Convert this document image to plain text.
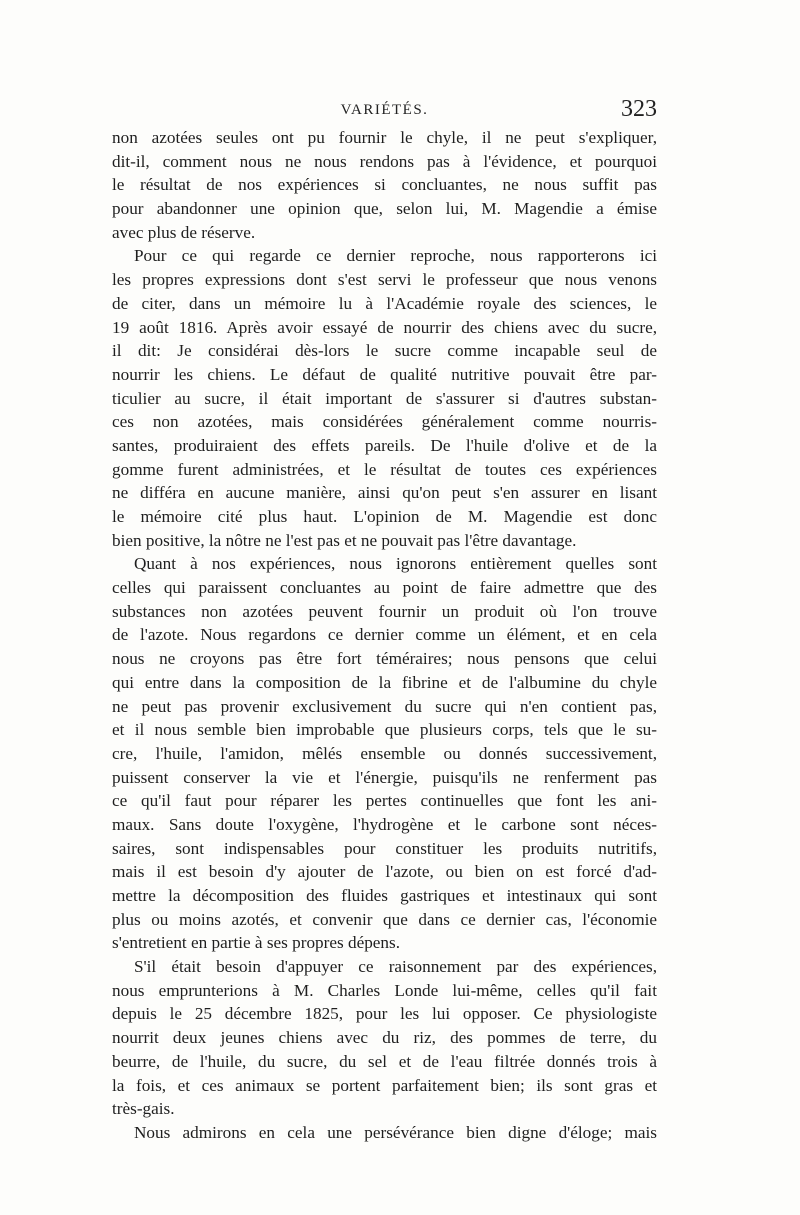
VARIÉTÉS.	323
non azotées seules ont pu fournir le chyle, il ne peut s'expliquer,
dit-il, comment nous ne nous rendons pas à l'évidence, et pourquoi
le résultat de nos expériences si concluantes, ne nous suffit pas
pour abandonner une opinion que, selon lui, M. Magendie a émise
avec plus de réserve.
Pour ce qui regarde ce dernier reproche, nous rapporterons ici
les propres expressions dont s'est servi le professeur que nous venons
de citer, dans un mémoire lu à l'Académie royale des sciences, le
19 août 1816. Après avoir essayé de nourrir des chiens avec du sucre,
il dit: Je considérai dès-lors le sucre comme incapable seul de
nourrir les chiens. Le défaut de qualité nutritive pouvait être par-
ticulier au sucre, il était important de s'assurer si d'autres substan-
ces non azotées, mais considérées généralement comme nourris-
santes, produiraient des effets pareils. De l'huile d'olive et de la
gomme furent administrées, et le résultat de toutes ces expériences
ne différa en aucune manière, ainsi qu'on peut s'en assurer en lisant
le mémoire cité plus haut. L'opinion de M. Magendie est donc
bien positive, la nôtre ne l'est pas et ne pouvait pas l'être davantage.
Quant à nos expériences, nous ignorons entièrement quelles sont
celles qui paraissent concluantes au point de faire admettre que des
substances non azotées peuvent fournir un produit où l'on trouve
de l'azote. Nous regardons ce dernier comme un élément, et en cela
nous ne croyons pas être fort téméraires; nous pensons que celui
qui entre dans la composition de la fibrine et de l'albumine du chyle
ne peut pas provenir exclusivement du sucre qui n'en contient pas,
et il nous semble bien improbable que plusieurs corps, tels que le su-
cre, l'huile, l'amidon, mêlés ensemble ou donnés successivement,
puissent conserver la vie et l'énergie, puisqu'ils ne renferment pas
ce qu'il faut pour réparer les pertes continuelles que font les ani-
maux. Sans doute l'oxygène, l'hydrogène et le carbone sont néces-
saires, sont indispensables pour constituer les produits nutritifs,
mais il est besoin d'y ajouter de l'azote, ou bien on est forcé d'ad-
mettre la décomposition des fluides gastriques et intestinaux qui sont
plus ou moins azotés, et convenir que dans ce dernier cas, l'économie
s'entretient en partie à ses propres dépens.
S'il était besoin d'appuyer ce raisonnement par des expériences,
nous emprunterions à M. Charles Londe lui-même, celles qu'il fait
depuis le 25 décembre 1825, pour les lui opposer. Ce physiologiste
nourrit deux jeunes chiens avec du riz, des pommes de terre, du
beurre, de l'huile, du sucre, du sel et de l'eau filtrée donnés trois à
la fois, et ces animaux se portent parfaitement bien; ils sont gras et
très-gais.
Nous admirons en cela une persévérance bien digne d'éloge; mais
